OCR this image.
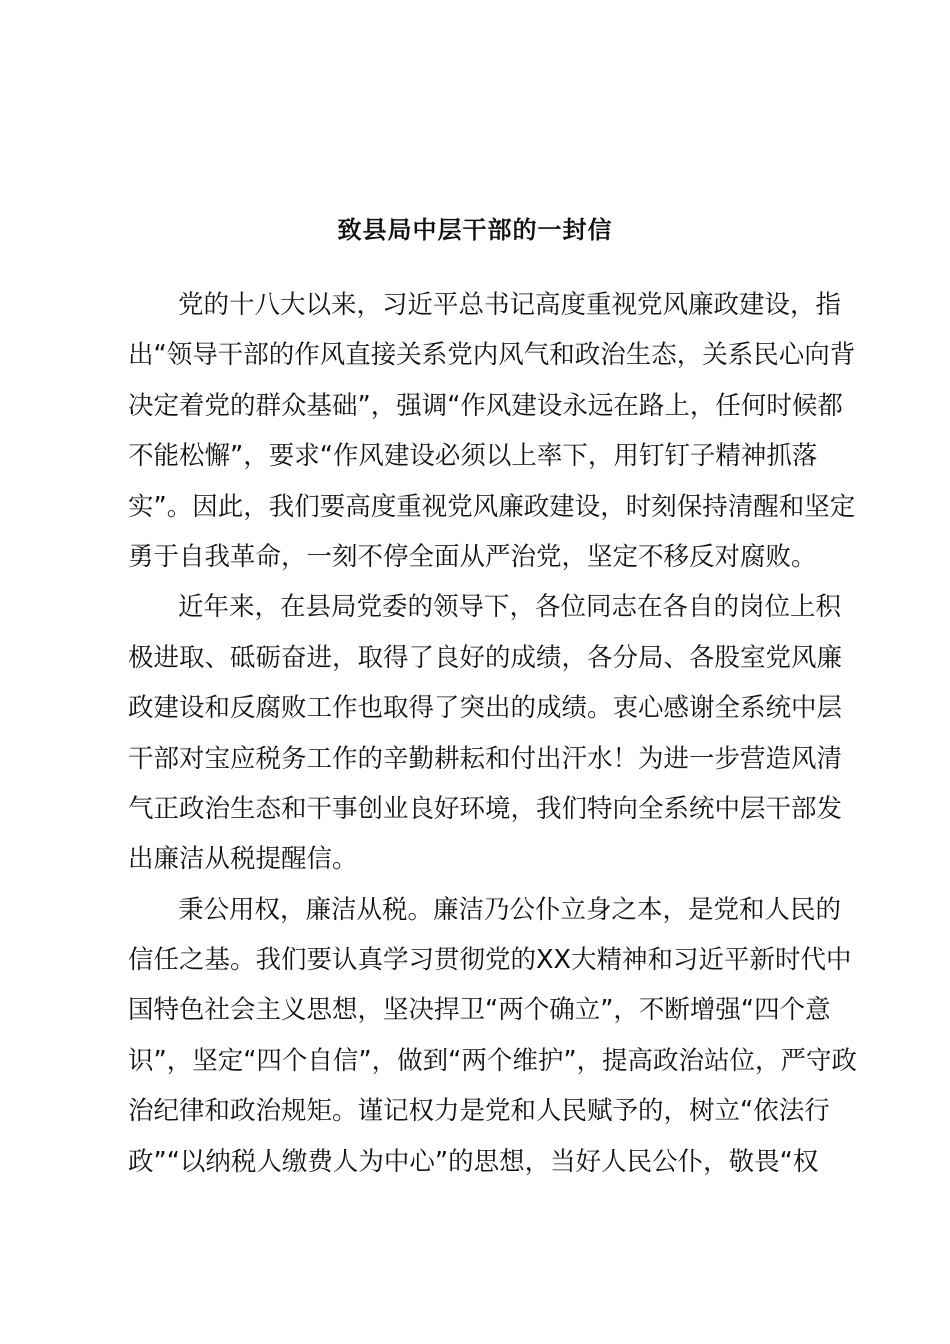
致县局中层干部的一封信
党的十八大以来，习近平总书记高度重视党风廉政建设，指
出“领导干部的作风直接关系党内风气和政治生态，关系民心向背
决定着党的群众基础”，强调“作风建设永远在路上，任何时候都
不能松懈”，要求“作风建设必须以上率下，用钉钉子精神抓落
实”。因此，我们要高度重视党风廉政建设，时刻保持清醒和坚定
勇于自我革命，一刻不停全面从严治党，坚定不移反对腐败。
近年来，在县局党委的领导下，各位同志在各自的岗位上积
极进取、砥砺奋进，取得了良好的成绩，各分局、各股室党风廉
政建设和反腐败工作也取得了突出的成绩。衷心感谢全系统中层
干部对宝应税务工作的辛勤耕耘和付出汗水！为进一步营造风清
气正政治生态和干事创业良好环境，我们特向全系统中层干部发
出廉洁从税提醒信。
秉公用权，廉洁从税。廉洁乃公仆立身之本，是党和人民的
信任之基。我们要认真学习贯彻党的XX大精神和习近平新时代中
国特色社会主义思想，坚决捍卫“两个确立”，不断增强“四个意
识”，坚定“四个自信”，做到“两个维护”，提高政治站位，严守政
治纪律和政治规矩。谨记权力是党和人民赋予的，树立“依法行
政”“以纳税人缴费人为中心”的思想，当好人民公仆，敬畏“权
